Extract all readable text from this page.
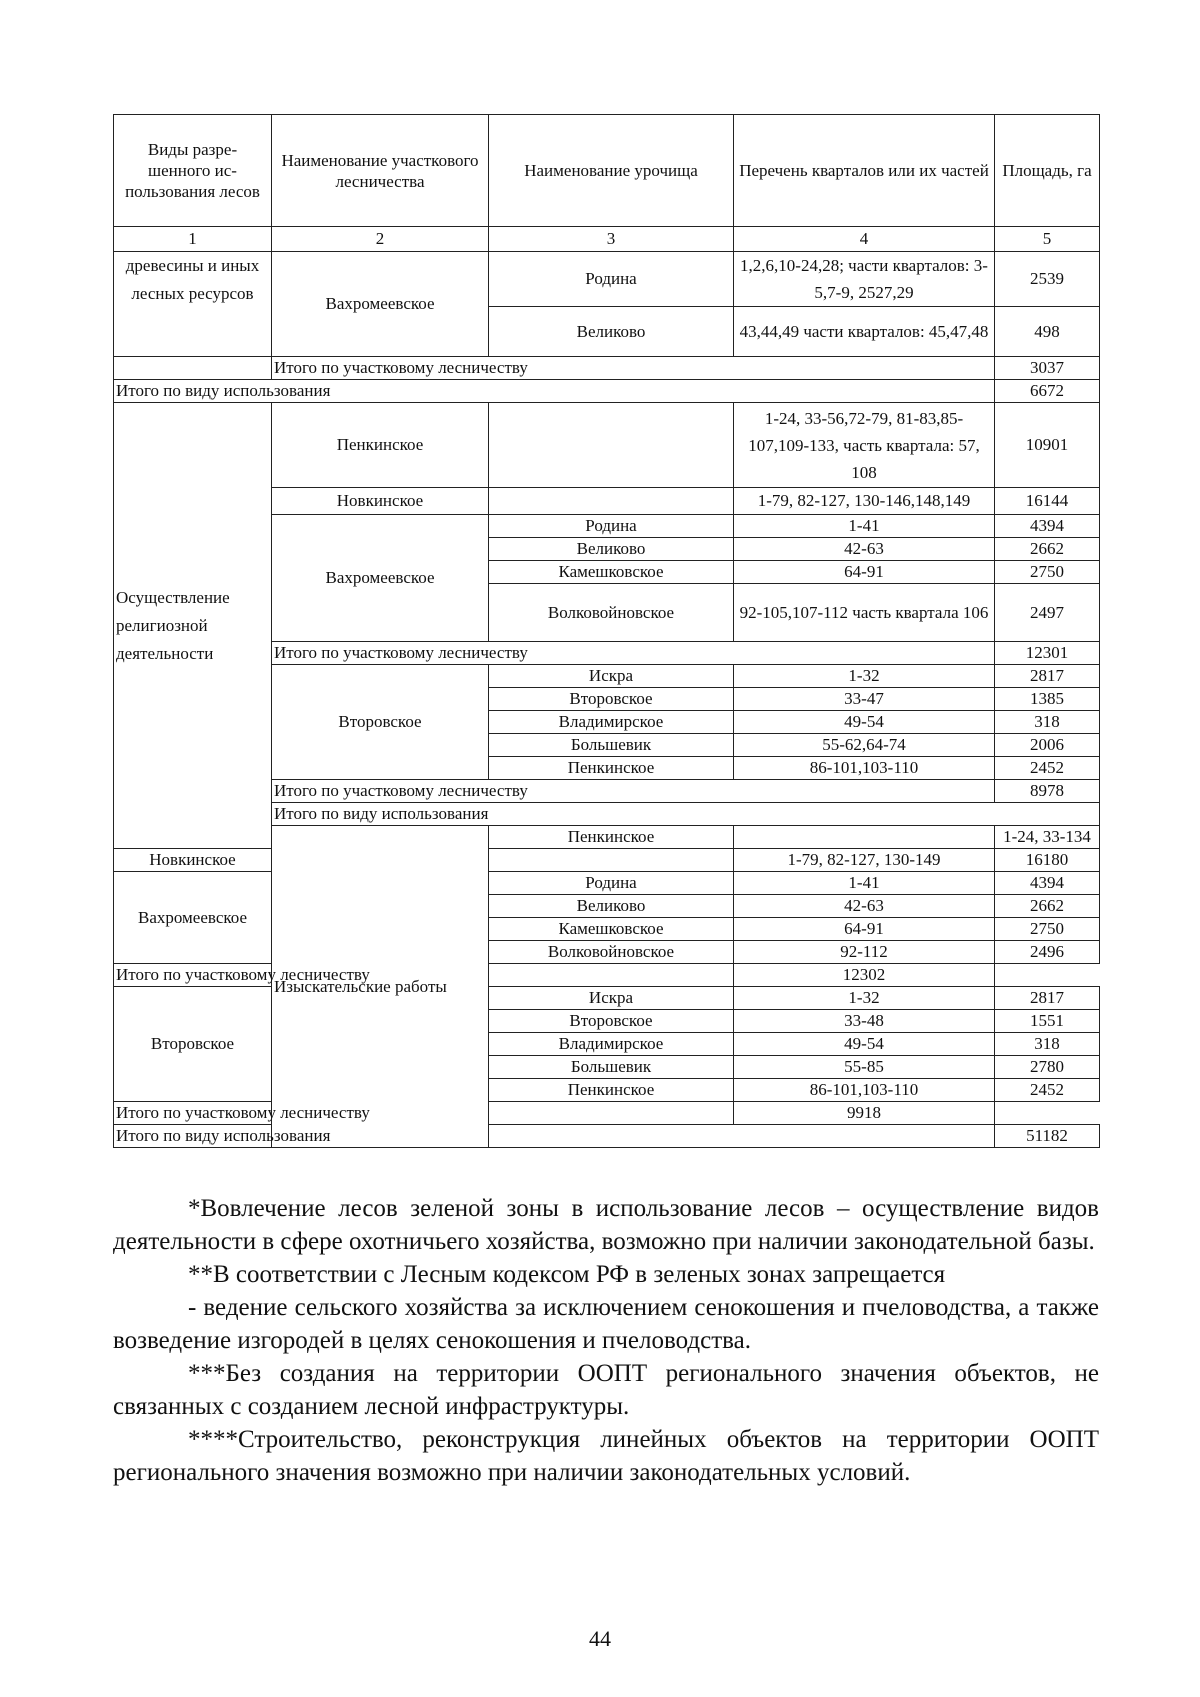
Виды разре-шенного ис-пользования лесов	Наименование участкового лесничества	Наименование урочища	Перечень кварталов или их частей	Площадь, га	
1	2	3	4	5	
древесины и иных лесных ресурсов	Вахромеевское	Родина	1,2,6,10-24,28; части кварталов: 3-5,7-9, 2527,29	2539	
		Великово	43,44,49 части кварталов: 45,47,48	498	
	Итого по участковому лесничеству			3037	
Итого по виду использования				6672	
Осуществление религиозной деятельности	Пенкинское		1-24, 33-56,72-79, 81-83,85-107,109-133, часть квартала: 57, 108	10901	
	Новкинское		1-79, 82-127, 130-146,148,149	16144	
	Вахромеевское	Родина	1-41	4394	
		Великово	42-63	2662	
		Камешковское	64-91	2750	
		Волковойновское	92-105,107-112 часть квартала 106	2497	
	Итого по участковому лесничеству			12301	
	Второвское	Искра	1-32	2817	
		Второвское	33-47	1385	
		Владимирское	49-54	318	
		Большевик	55-62,64-74	2006	
		Пенкинское	86-101,103-110	2452	
	Итого по участковому лесничеству			8978	
	Итого по виду использования	
	Изыскательские работы	Пенкинское		1-24, 33-134	
Новкинское			1-79, 82-127, 130-149	16180	
Вахромеевское		Родина	1-41	4394	
		Великово	42-63	2662	
		Камешковское	64-91	2750	
		Волковойновское	92-112	2496	
Итого по участковому лесничеству			12302		
Второвское		Искра	1-32	2817	
		Второвское	33-48	1551	
		Владимирское	49-54	318	
		Большевик	55-85	2780	
		Пенкинское	86-101,103-110	2452	
Итого по участковому лесничеству			9918		
Итого по виду использования				51182	

*Вовлечение лесов зеленой зоны в использование лесов – осуществление видов деятельности в сфере охотничьего хозяйства, возможно при наличии законодательной базы.

**В соответствии с Лесным кодексом РФ в зеленых зонах запрещается

- ведение сельского хозяйства за исключением сенокошения и пчеловодства, а также возведение изгородей в целях сенокошения и пчеловодства.

***Без создания на территории ООПТ регионального значения объектов, не связанных с созданием лесной инфраструктуры.

****Строительство, реконструкция линейных объектов на территории ООПТ регионального значения возможно при наличии законодательных условий.

44
